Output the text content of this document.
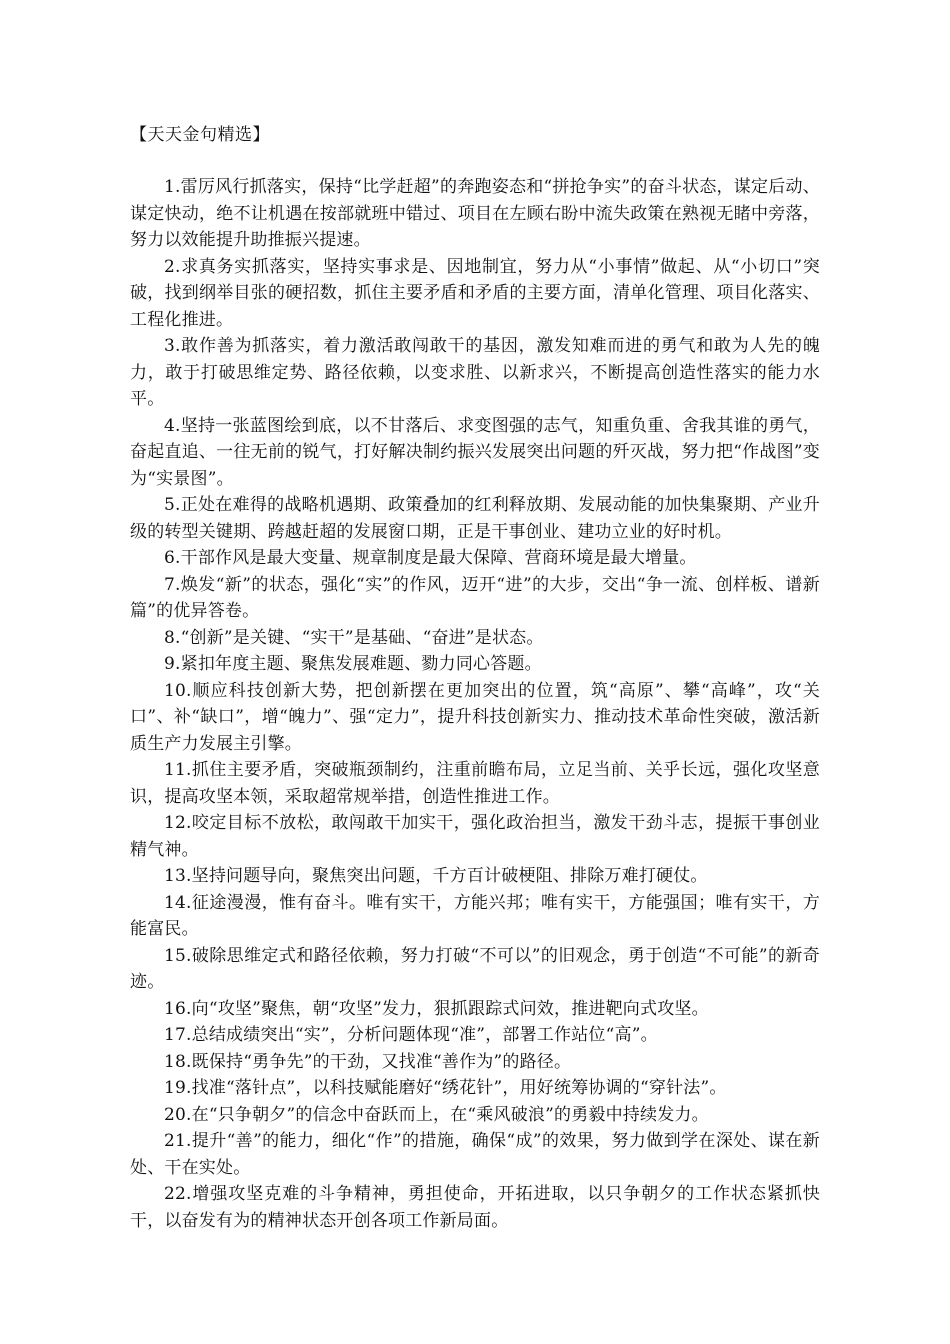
【天天金句精选】

1.雷厉风行抓落实，保持“比学赶超”的奔跑姿态和“拼抢争实”的奋斗状态，谋定后动、谋定快动，绝不让机遇在按部就班中错过、项目在左顾右盼中流失政策在熟视无睹中旁落，努力以效能提升助推振兴提速。

2.求真务实抓落实，坚持实事求是、因地制宜，努力从“小事情”做起、从“小切口”突破，找到纲举目张的硬招数，抓住主要矛盾和矛盾的主要方面，清单化管理、项目化落实、工程化推进。

3.敢作善为抓落实，着力激活敢闯敢干的基因，激发知难而进的勇气和敢为人先的魄力，敢于打破思维定势、路径依赖，以变求胜、以新求兴，不断提高创造性落实的能力水平。

4.坚持一张蓝图绘到底，以不甘落后、求变图强的志气，知重负重、舍我其谁的勇气，奋起直追、一往无前的锐气，打好解决制约振兴发展突出问题的歼灭战，努力把“作战图”变为“实景图”。

5.正处在难得的战略机遇期、政策叠加的红利释放期、发展动能的加快集聚期、产业升级的转型关键期、跨越赶超的发展窗口期，正是干事创业、建功立业的好时机。

6.干部作风是最大变量、规章制度是最大保障、营商环境是最大增量。

7.焕发“新”的状态，强化“实”的作风，迈开“进”的大步，交出“争一流、创样板、谱新篇”的优异答卷。

8.“创新”是关键、“实干”是基础、“奋进”是状态。

9.紧扣年度主题、聚焦发展难题、勠力同心答题。

10.顺应科技创新大势，把创新摆在更加突出的位置，筑“高原”、攀“高峰”，攻“关口”、补“缺口”，增“魄力”、强“定力”，提升科技创新实力、推动技术革命性突破，激活新质生产力发展主引擎。

11.抓住主要矛盾，突破瓶颈制约，注重前瞻布局，立足当前、关乎长远，强化攻坚意识，提高攻坚本领，采取超常规举措，创造性推进工作。

12.咬定目标不放松，敢闯敢干加实干，强化政治担当，激发干劲斗志，提振干事创业精气神。

13.坚持问题导向，聚焦突出问题，千方百计破梗阻、排除万难打硬仗。

14.征途漫漫，惟有奋斗。唯有实干，方能兴邦；唯有实干，方能强国；唯有实干，方能富民。

15.破除思维定式和路径依赖，努力打破“不可以”的旧观念，勇于创造“不可能”的新奇迹。

16.向“攻坚”聚焦，朝“攻坚”发力，狠抓跟踪式问效，推进靶向式攻坚。

17.总结成绩突出“实”，分析问题体现“准”，部署工作站位“高”。

18.既保持“勇争先”的干劲，又找准“善作为”的路径。

19.找准“落针点”，以科技赋能磨好“绣花针”，用好统筹协调的“穿针法”。

20.在“只争朝夕”的信念中奋跃而上，在“乘风破浪”的勇毅中持续发力。

21.提升“善”的能力，细化“作”的措施，确保“成”的效果，努力做到学在深处、谋在新处、干在实处。

22.增强攻坚克难的斗争精神，勇担使命，开拓进取，以只争朝夕的工作状态紧抓快干，以奋发有为的精神状态开创各项工作新局面。
